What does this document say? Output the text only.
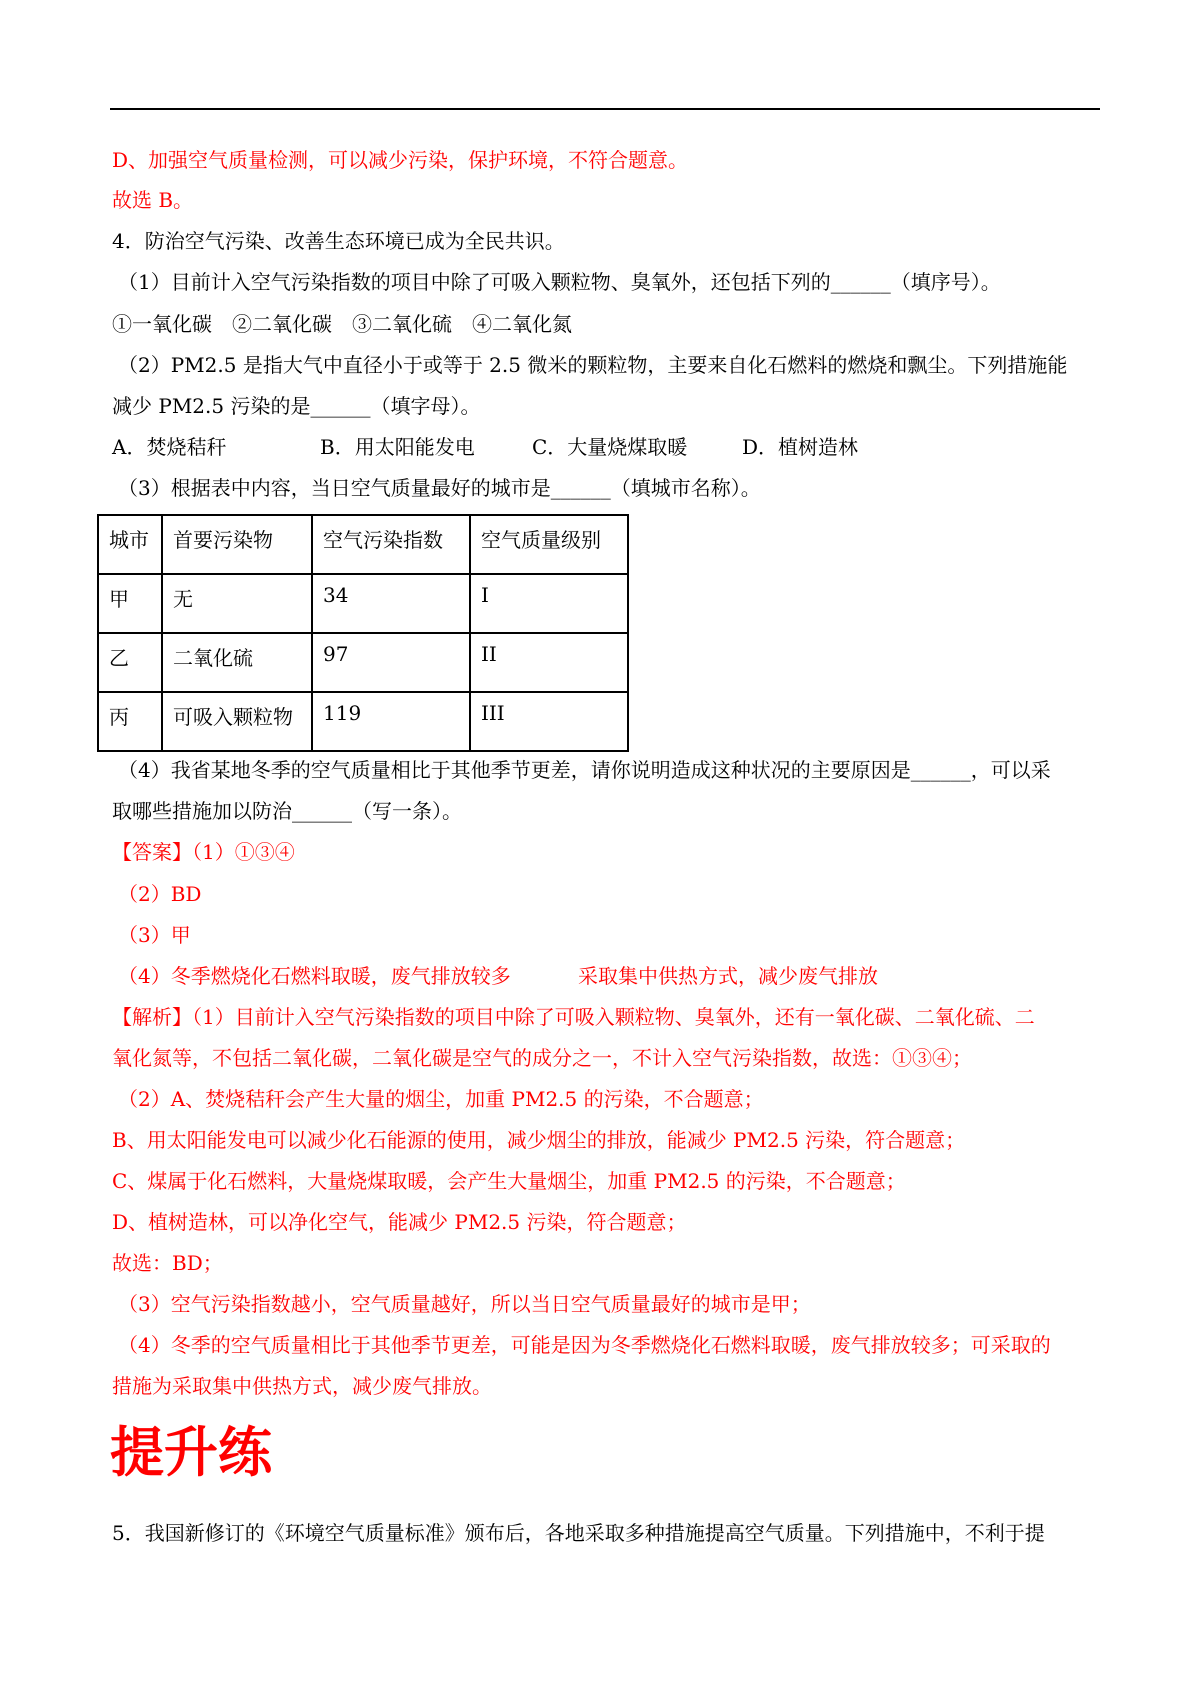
D、加强空气质量检测，可以减少污染，保护环境，不符合题意。
故选 B。
4．防治空气污染、改善生态环境已成为全民共识。
（1）目前计入空气污染指数的项目中除了可吸入颗粒物、臭氧外，还包括下列的______（填序号）。
①一氧化碳　②二氧化碳　③二氧化硫　④二氧化氮
（2）PM2.5 是指大气中直径小于或等于 2.5 微米的颗粒物，主要来自化石燃料的燃烧和飘尘。下列措施能
减少 PM2.5 污染的是______（填字母）。
A．焚烧秸秆	B．用太阳能发电	C．大量烧煤取暖	D．植树造林
（3）根据表中内容，当日空气质量最好的城市是______（填城市名称）。
城市	首要污染物	空气污染指数	空气质量级别
甲	无	34	I
乙	二氧化硫	97	II
丙	可吸入颗粒物	119	III
（4）我省某地冬季的空气质量相比于其他季节更差，请你说明造成这种状况的主要原因是______，可以采
取哪些措施加以防治______（写一条）。
【答案】（1）①③④
（2）BD
（3）甲
（4）冬季燃烧化石燃料取暖，废气排放较多	采取集中供热方式，减少废气排放
【解析】（1）目前计入空气污染指数的项目中除了可吸入颗粒物、臭氧外，还有一氧化碳、二氧化硫、二
氧化氮等，不包括二氧化碳，二氧化碳是空气的成分之一，不计入空气污染指数，故选：①③④；
（2）A、焚烧秸秆会产生大量的烟尘，加重 PM2.5 的污染，不合题意；
B、用太阳能发电可以减少化石能源的使用，减少烟尘的排放，能减少 PM2.5 污染，符合题意；
C、煤属于化石燃料，大量烧煤取暖，会产生大量烟尘，加重 PM2.5 的污染，不合题意；
D、植树造林，可以净化空气，能减少 PM2.5 污染，符合题意；
故选：BD；
（3）空气污染指数越小，空气质量越好，所以当日空气质量最好的城市是甲；
（4）冬季的空气质量相比于其他季节更差，可能是因为冬季燃烧化石燃料取暖，废气排放较多；可采取的
措施为采取集中供热方式，减少废气排放。
提升练
5．我国新修订的《环境空气质量标准》颁布后，各地采取多种措施提高空气质量。下列措施中，不利于提
